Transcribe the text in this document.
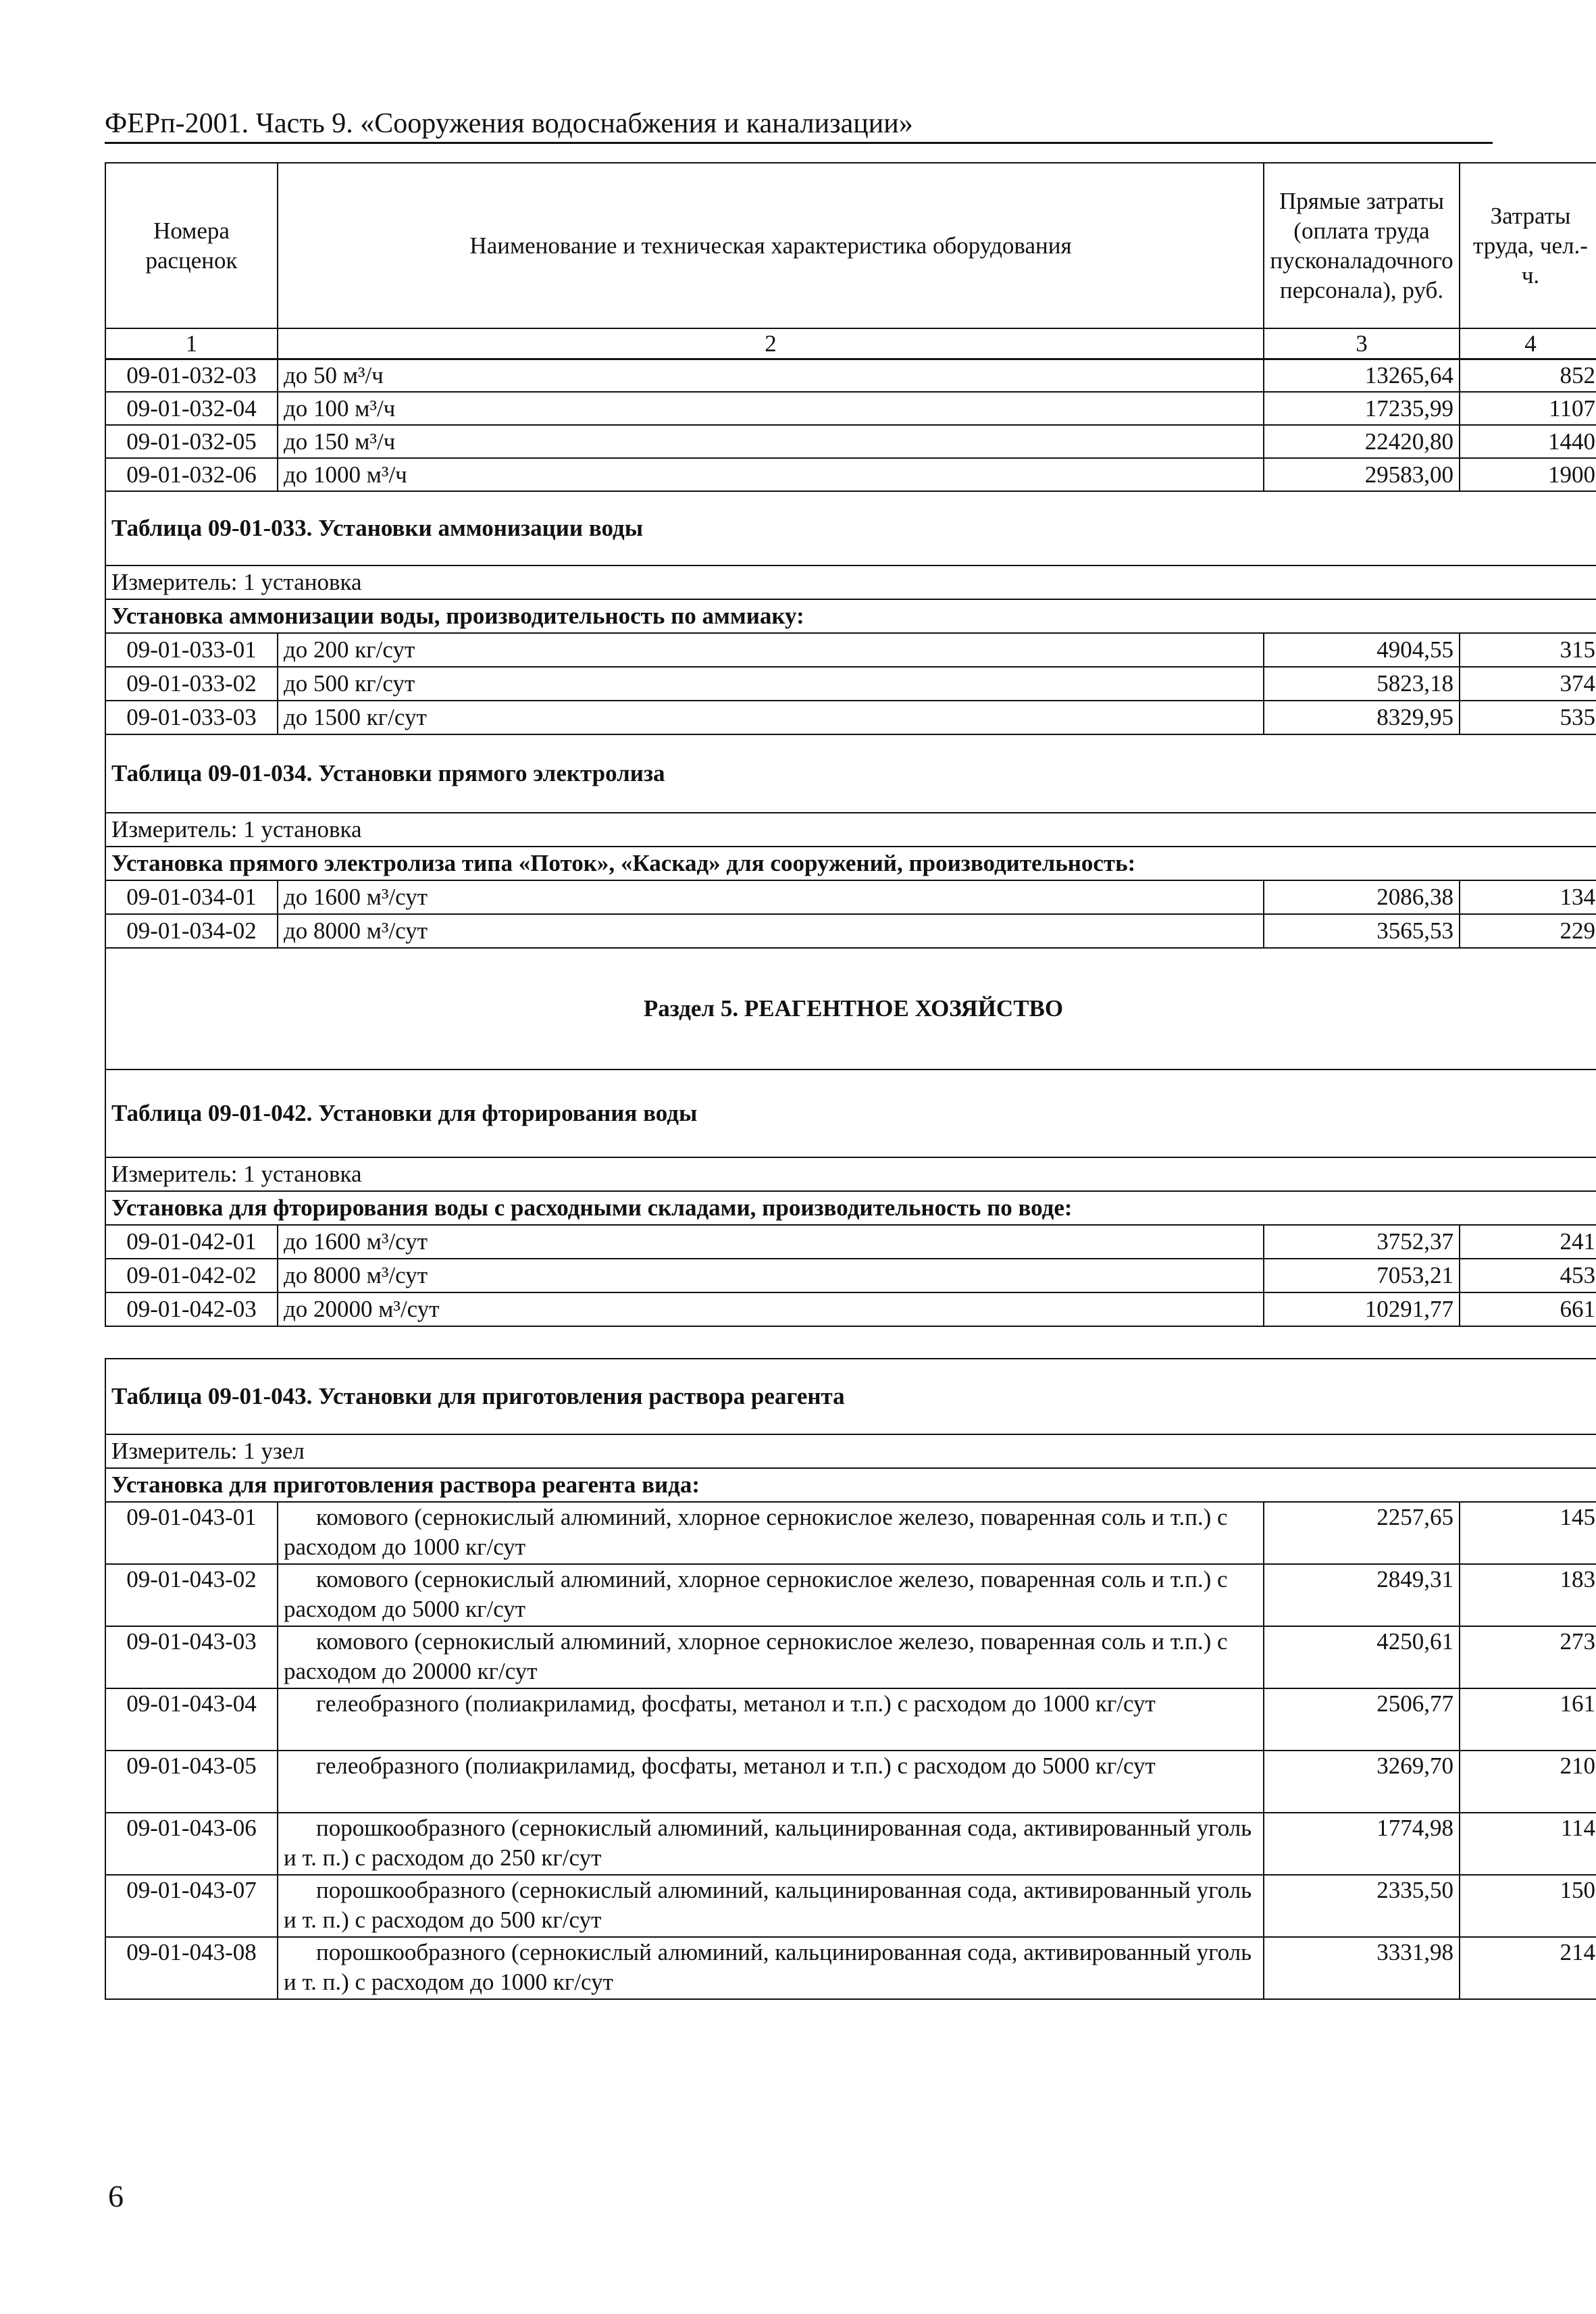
ФЕРп-2001. Часть 9. «Сооружения водоснабжения и канализации»
Номера расценок	Наименование и техническая характеристика оборудования	Прямые затраты (оплата труда пусконаладочного персонала), руб.	Затраты труда, чел.-ч.
1	2	3	4
09-01-032-03	до 50 м³/ч	13265,64	852
09-01-032-04	до 100 м³/ч	17235,99	1107
09-01-032-05	до 150 м³/ч	22420,80	1440
09-01-032-06	до 1000 м³/ч	29583,00	1900
Таблица 09-01-033. Установки аммонизации воды			
Измеритель: 1 установка			
Установка аммонизации воды, производительность по аммиаку:			
09-01-033-01	до 200 кг/сут	4904,55	315
09-01-033-02	до 500 кг/сут	5823,18	374
09-01-033-03	до 1500 кг/сут	8329,95	535
Таблица 09-01-034. Установки прямого электролиза			
Измеритель: 1 установка			
Установка прямого электролиза типа «Поток», «Каскад» для сооружений, производительность:			
09-01-034-01	до 1600 м³/сут	2086,38	134
09-01-034-02	до 8000 м³/сут	3565,53	229
Раздел 5. РЕАГЕНТНОЕ ХОЗЯЙСТВО			
Таблица 09-01-042. Установки для фторирования воды			
Измеритель: 1 установка			
Установка для фторирования воды с расходными складами, производительность по воде:			
09-01-042-01	до 1600 м³/сут	3752,37	241
09-01-042-02	до 8000 м³/сут	7053,21	453
09-01-042-03	до 20000 м³/сут	10291,77	661
Таблица 09-01-043. Установки для приготовления раствора реагента			
Измеритель: 1 узел			
Установка для приготовления раствора реагента вида:			
09-01-043-01	комового (сернокислый алюминий, хлорное сернокислое железо, поваренная соль и т.п.) с расходом до 1000 кг/сут	2257,65	145
09-01-043-02	комового (сернокислый алюминий, хлорное сернокислое железо, поваренная соль и т.п.) с расходом до 5000 кг/сут	2849,31	183
09-01-043-03	комового (сернокислый алюминий, хлорное сернокислое железо, поваренная соль и т.п.) с расходом до 20000 кг/сут	4250,61	273
09-01-043-04	гелеобразного (полиакриламид, фосфаты, метанол и т.п.) с расходом до 1000 кг/сут	2506,77	161
09-01-043-05	гелеобразного (полиакриламид, фосфаты, метанол и т.п.) с расходом до 5000 кг/сут	3269,70	210
09-01-043-06	порошкообразного (сернокислый алюминий, кальцинированная сода, активированный уголь и т. п.) с расходом до 250 кг/сут	1774,98	114
09-01-043-07	порошкообразного (сернокислый алюминий, кальцинированная сода, активированный уголь и т. п.) с расходом до 500 кг/сут	2335,50	150
09-01-043-08	порошкообразного (сернокислый алюминий, кальцинированная сода, активированный уголь и т. п.) с расходом до 1000 кг/сут	3331,98	214
6
